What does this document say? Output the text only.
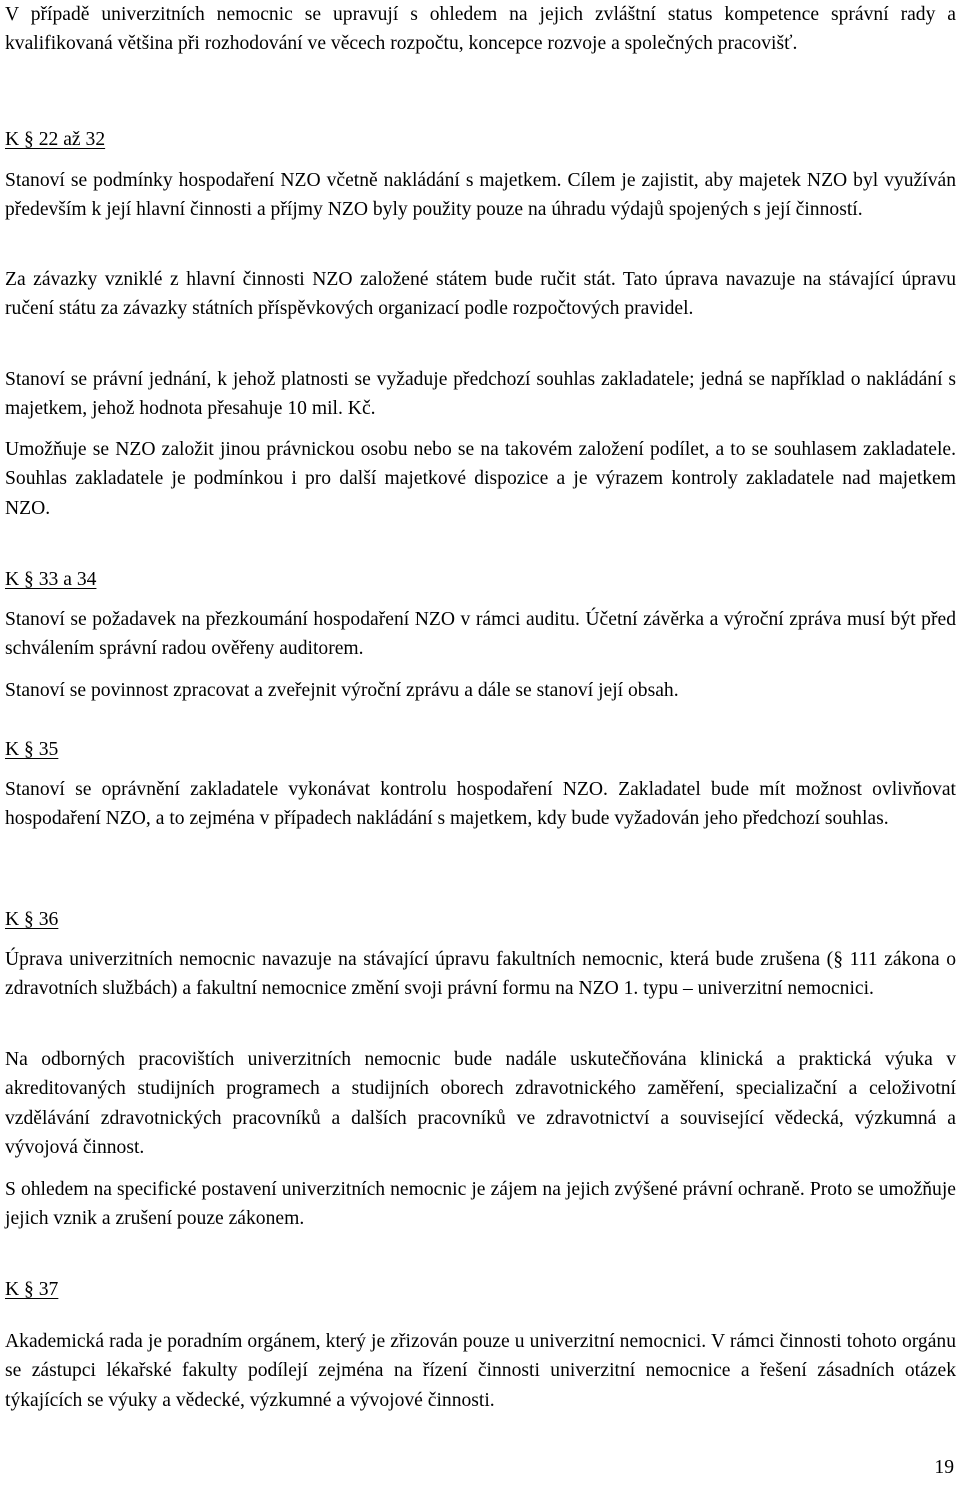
V případě univerzitních nemocnic se upravují s ohledem na jejich zvláštní status kompetence správní rady a kvalifikovaná většina při rozhodování ve věcech rozpočtu, koncepce rozvoje a společných pracovišť.

K § 22 až 32

Stanoví se podmínky hospodaření NZO včetně nakládání s majetkem. Cílem je zajistit, aby majetek NZO byl využíván především k její hlavní činnosti a příjmy NZO byly použity pouze na úhradu výdajů spojených s její činností.

Za závazky vzniklé z hlavní činnosti NZO založené státem bude ručit stát. Tato úprava navazuje na stávající úpravu ručení státu za závazky státních příspěvkových organizací podle rozpočtových pravidel.

Stanoví se právní jednání, k jehož platnosti se vyžaduje předchozí souhlas zakladatele; jedná se například o nakládání s majetkem, jehož hodnota přesahuje 10 mil. Kč.

Umožňuje se NZO založit jinou právnickou osobu nebo se na takovém založení podílet, a to se souhlasem zakladatele. Souhlas zakladatele je podmínkou i pro další majetkové dispozice a je výrazem kontroly zakladatele nad majetkem NZO.

K § 33 a 34

Stanoví se požadavek na přezkoumání hospodaření NZO v rámci auditu. Účetní závěrka a výroční zpráva musí být před schválením správní radou ověřeny auditorem.

Stanoví se povinnost zpracovat a zveřejnit výroční zprávu a dále se stanoví její obsah.

K § 35

Stanoví se oprávnění zakladatele vykonávat kontrolu hospodaření NZO. Zakladatel bude mít možnost ovlivňovat hospodaření NZO, a to zejména v případech nakládání s majetkem, kdy bude vyžadován jeho předchozí souhlas.

K § 36

Úprava univerzitních nemocnic navazuje na stávající úpravu fakultních nemocnic, která bude zrušena (§ 111 zákona o zdravotních službách) a fakultní nemocnice změní svoji právní formu na NZO 1. typu – univerzitní nemocnici.

Na odborných pracovištích univerzitních nemocnic bude nadále uskutečňována klinická a praktická výuka v akreditovaných studijních programech a studijních oborech zdravotnického zaměření, specializační a celoživotní vzdělávání zdravotnických pracovníků a dalších pracovníků ve zdravotnictví a související vědecká, výzkumná a vývojová činnost.

S ohledem na specifické postavení univerzitních nemocnic je zájem na jejich zvýšené právní ochraně. Proto se umožňuje jejich vznik a zrušení pouze zákonem.

K § 37

Akademická rada je poradním orgánem, který je zřizován pouze u univerzitní nemocnici. V rámci činnosti tohoto orgánu se zástupci lékařské fakulty podílejí zejména na řízení činnosti univerzitní nemocnice a řešení zásadních otázek týkajících se výuky a vědecké, výzkumné a vývojové činnosti.

19
